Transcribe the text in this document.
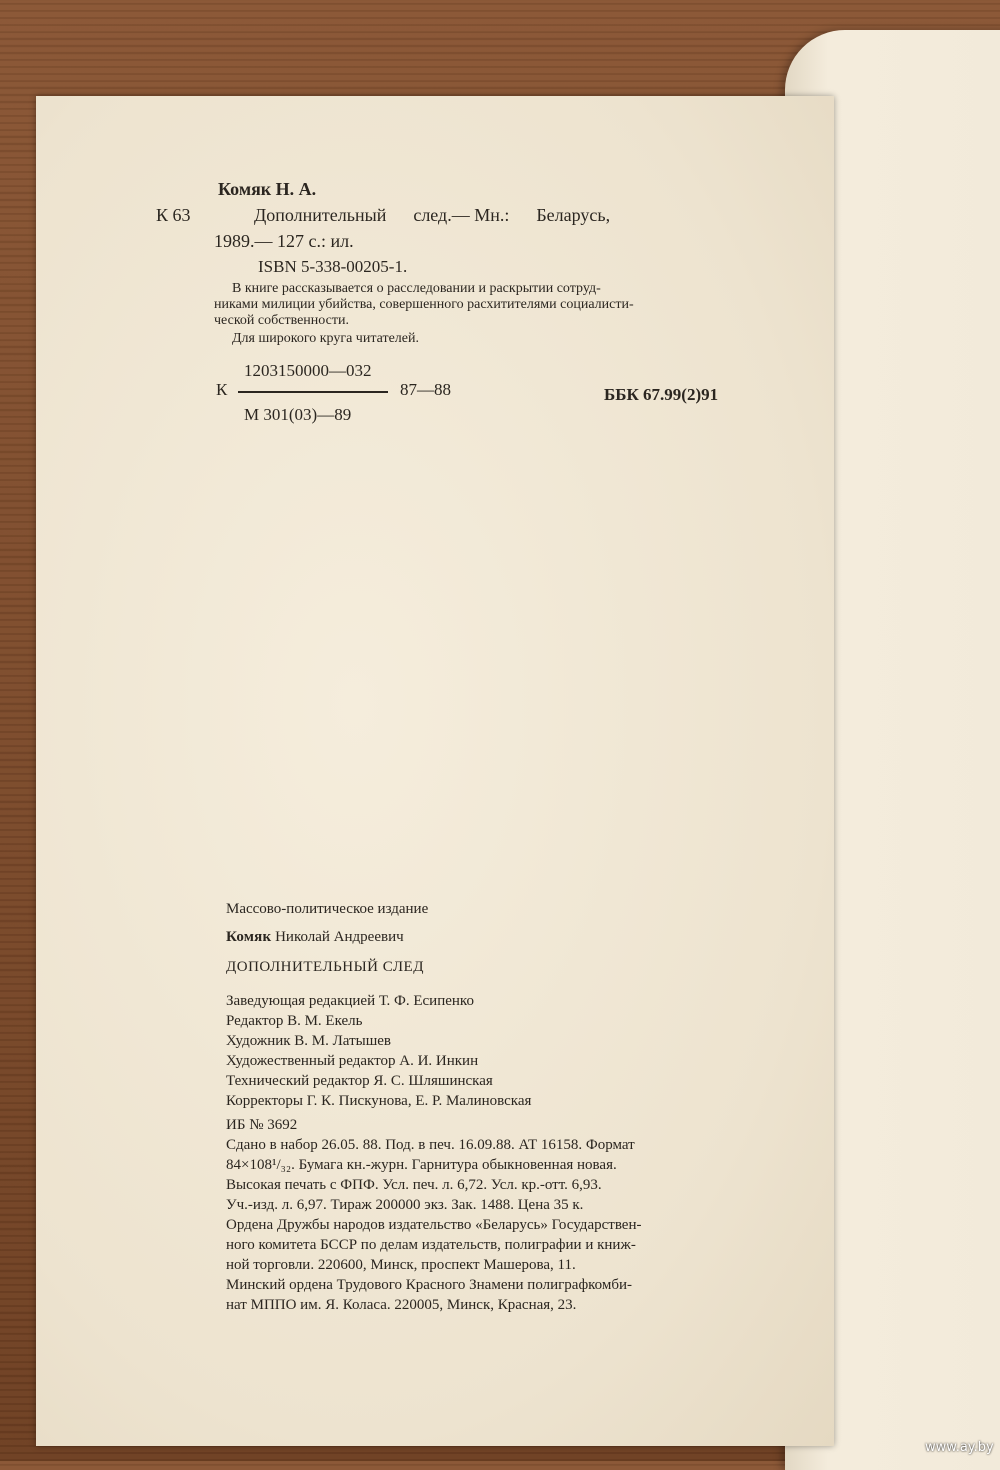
Комяк Н. А.
К 63	Дополнительный      след.— Мн.:      Беларусь,
1989.— 127 с.: ил.
ISBN 5-338-00205-1.
В книге рассказывается о расследовании и раскрытии сотруд-
никами милиции убийства, совершенного расхитителями социалисти-
ческой собственности.
Для широкого круга читателей.
1203150000—032
К	87—88
М 301(03)—89
ББК 67.99(2)91
Массово-политическое издание
Комяк Николай Андреевич
ДОПОЛНИТЕЛЬНЫЙ СЛЕД
Заведующая редакцией Т. Ф. Есипенко
Редактор В. М. Екель
Художник В. М. Латышев
Художественный редактор А. И. Инкин
Технический редактор Я. С. Шляшинская
Корректоры Г. К. Пискунова, Е. Р. Малиновская
ИБ № 3692
Сдано в набор 26.05. 88. Под. в печ. 16.09.88. АТ 16158. Формат
84×108¹/₃₂. Бумага кн.-журн. Гарнитура обыкновенная новая.
Высокая печать с ФПФ. Усл. печ. л. 6,72. Усл. кр.-отт. 6,93.
Уч.-изд. л. 6,97. Тираж 200000 экз. Зак. 1488. Цена 35 к.
Ордена Дружбы народов издательство «Беларусь» Государствен-
ного комитета БССР по делам издательств, полиграфии и книж-
ной торговли. 220600, Минск, проспект Машерова, 11.
Минский ордена Трудового Красного Знамени полиграфкомби-
нат МППО им. Я. Коласа. 220005, Минск, Красная, 23.
www.ay.by
